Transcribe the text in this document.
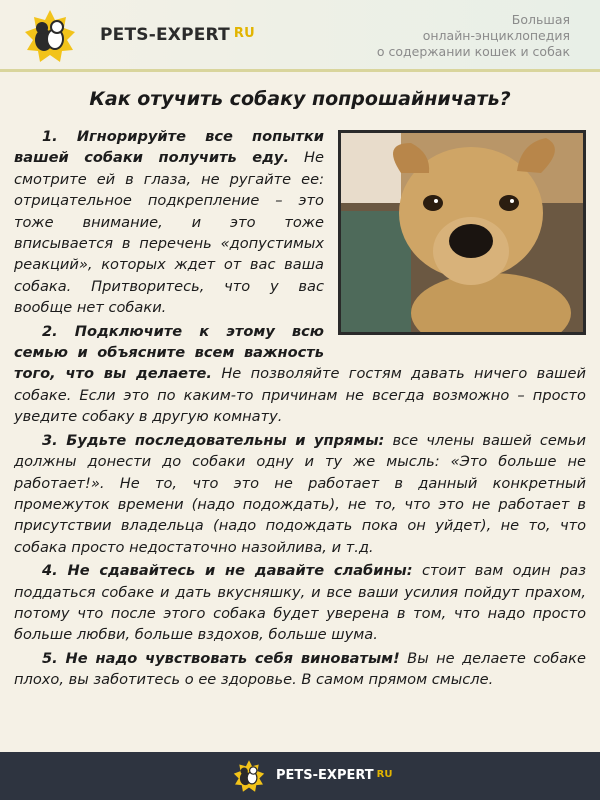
PETS-EXPERT RU
Большая
онлайн-энциклопедия
о содержании кошек и собак
Как отучить собаку попрошайничать?

1. Игнорируйте все попытки вашей собаки получить еду. Не смотрите ей в глаза, не ругайте ее: отрицательное подкрепление – это тоже внимание, и это тоже вписывается в перечень «допустимых реакций», которых ждет от вас ваша собака. Притворитесь, что у вас вообще нет собаки.

2. Подключите к этому всю семью и объясните всем важность того, что вы делаете. Не позволяйте гостям давать ничего вашей собаке. Если это по каким-то причинам не всегда возможно – просто уведите собаку в другую комнату.

3. Будьте последовательны и упрямы: все члены вашей семьи должны донести до собаки одну и ту же мысль: «Это больше не работает!». Не то, что это не работает в данный конкретный промежуток времени (надо подождать), не то, что это не работает в присутствии владельца (надо подождать пока он уйдет), не то, что собака просто недостаточно назойлива, и т.д.

4. Не сдавайтесь и не давайте слабины: стоит вам один раз поддаться собаке и дать вкусняшку, и все ваши усилия пойдут прахом, потому что после этого собака будет уверена в том, что надо просто больше любви, больше вздохов, больше шума.

5. Не надо чувствовать себя виноватым! Вы не делаете собаке плохо, вы заботитесь о ее здоровье. В самом прямом смысле.

PETS-EXPERT RU
